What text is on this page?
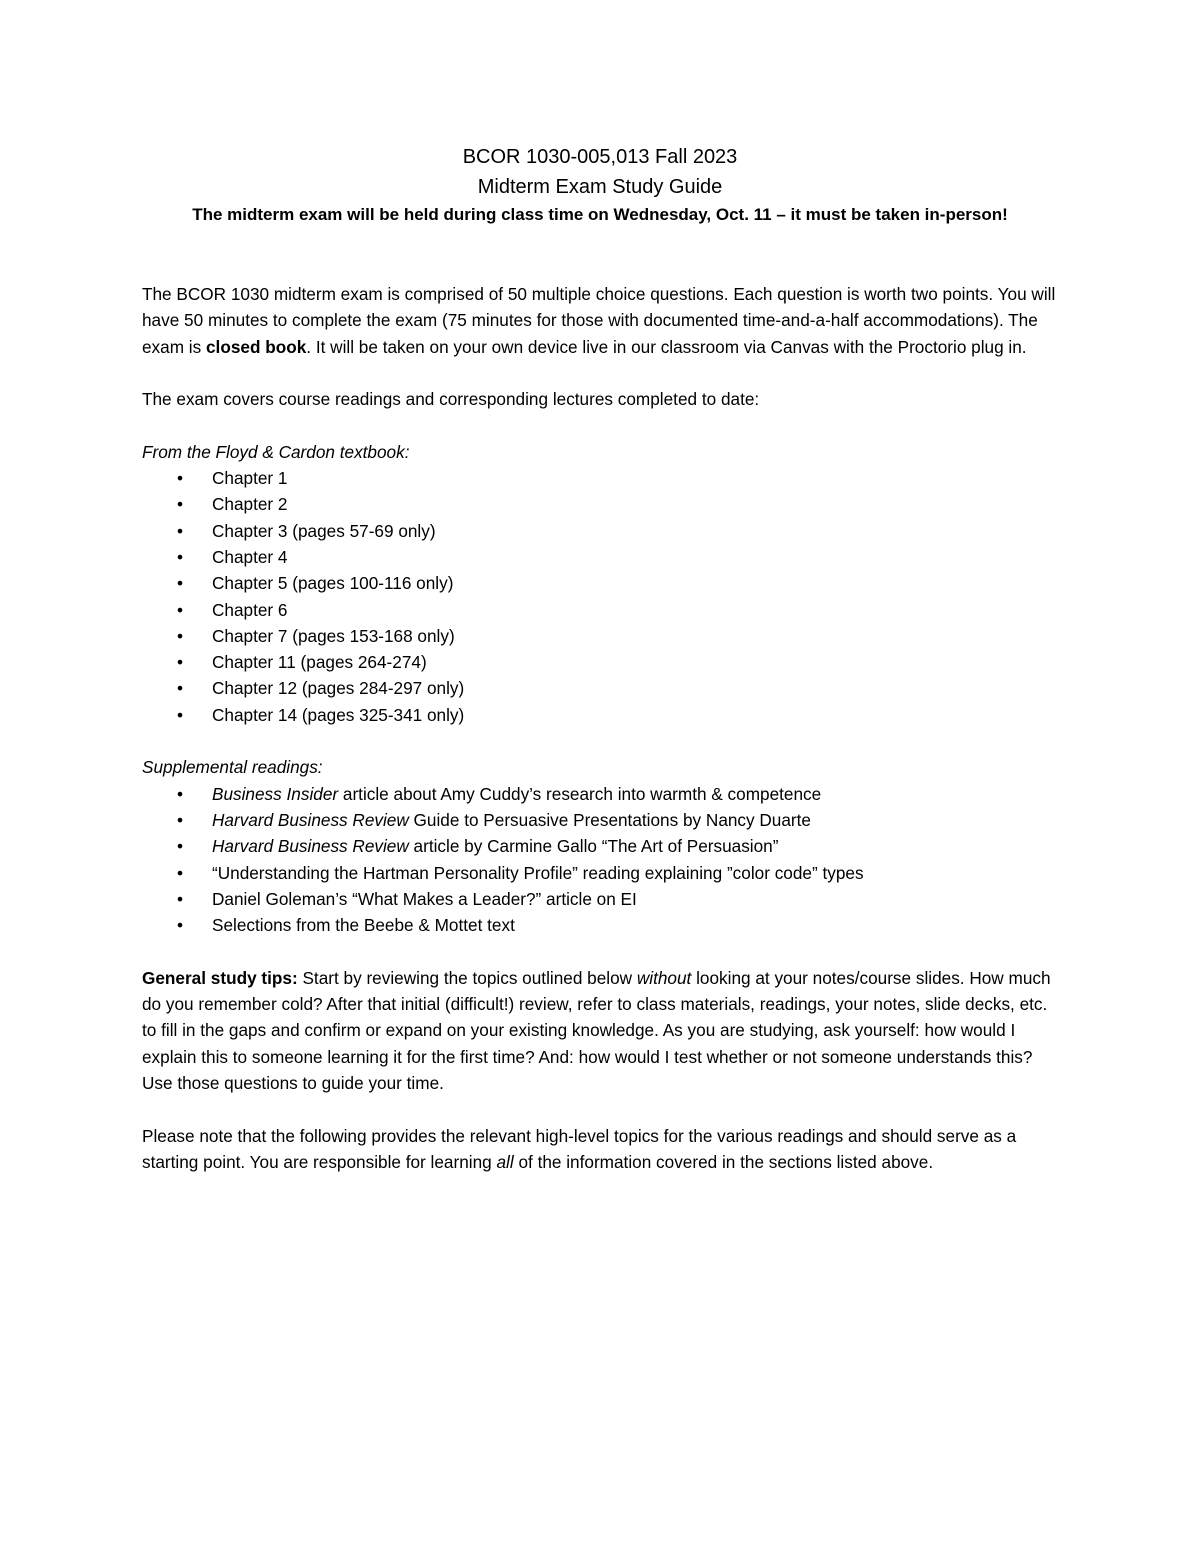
BCOR 1030-005,013 Fall 2023
Midterm Exam Study Guide
The midterm exam will be held during class time on Wednesday, Oct. 11 – it must be taken in-person!

The BCOR 1030 midterm exam is comprised of 50 multiple choice questions. Each question is worth two points. You will have 50 minutes to complete the exam (75 minutes for those with documented time-and-a-half accommodations). The exam is closed book. It will be taken on your own device live in our classroom via Canvas with the Proctorio plug in.

The exam covers course readings and corresponding lectures completed to date:

From the Floyd & Cardon textbook:
• Chapter 1
• Chapter 2
• Chapter 3 (pages 57-69 only)
• Chapter 4
• Chapter 5 (pages 100-116 only)
• Chapter 6
• Chapter 7 (pages 153-168 only)
• Chapter 11 (pages 264-274)
• Chapter 12 (pages 284-297 only)
• Chapter 14 (pages 325-341 only)
Supplemental readings:
• Business Insider article about Amy Cuddy’s research into warmth & competence
• Harvard Business Review Guide to Persuasive Presentations by Nancy Duarte
• Harvard Business Review article by Carmine Gallo “The Art of Persuasion”
• “Understanding the Hartman Personality Profile” reading explaining ”color code” types
• Daniel Goleman’s “What Makes a Leader?” article on EI
• Selections from the Beebe & Mottet text

General study tips: Start by reviewing the topics outlined below without looking at your notes/course slides. How much do you remember cold? After that initial (difficult!) review, refer to class materials, readings, your notes, slide decks, etc. to fill in the gaps and confirm or expand on your existing knowledge. As you are studying, ask yourself: how would I explain this to someone learning it for the first time? And: how would I test whether or not someone understands this? Use those questions to guide your time.

Please note that the following provides the relevant high-level topics for the various readings and should serve as a starting point. You are responsible for learning all of the information covered in the sections listed above.
